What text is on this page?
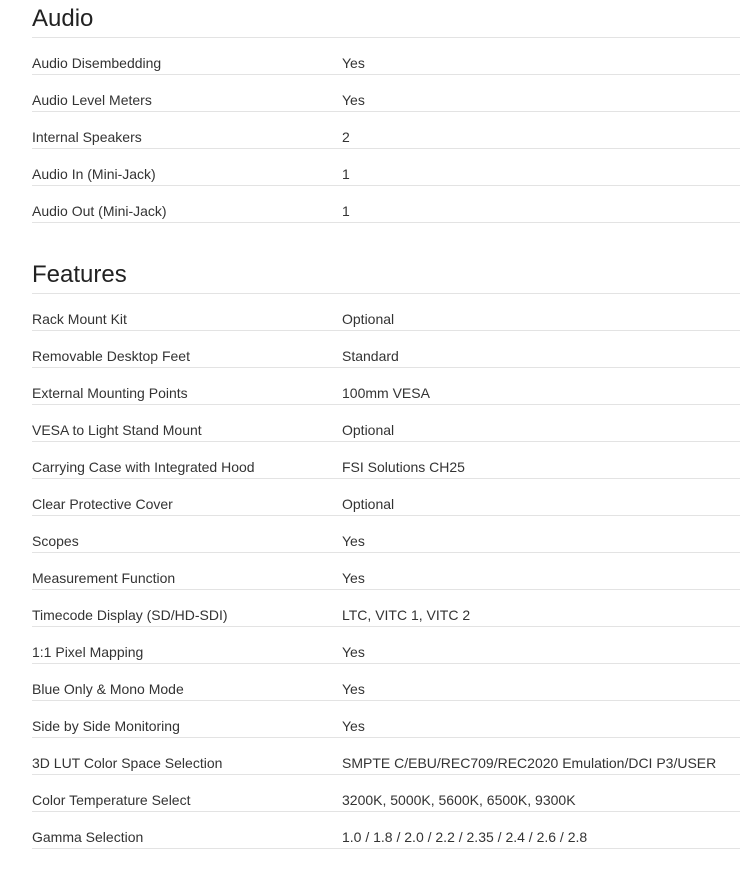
Audio
Audio Disembedding	Yes
Audio Level Meters	Yes
Internal Speakers	2
Audio In (Mini-Jack)	1
Audio Out (Mini-Jack)	1
Features
Rack Mount Kit	Optional
Removable Desktop Feet	Standard
External Mounting Points	100mm VESA
VESA to Light Stand Mount	Optional
Carrying Case with Integrated Hood	FSI Solutions CH25
Clear Protective Cover	Optional
Scopes	Yes
Measurement Function	Yes
Timecode Display (SD/HD-SDI)	LTC, VITC 1, VITC 2
1:1 Pixel Mapping	Yes
Blue Only & Mono Mode	Yes
Side by Side Monitoring	Yes
3D LUT Color Space Selection	SMPTE C/EBU/REC709/REC2020 Emulation/DCI P3/USER
Color Temperature Select	3200K, 5000K, 5600K, 6500K, 9300K
Gamma Selection	1.0 / 1.8 / 2.0 / 2.2 / 2.35 / 2.4 / 2.6 / 2.8
